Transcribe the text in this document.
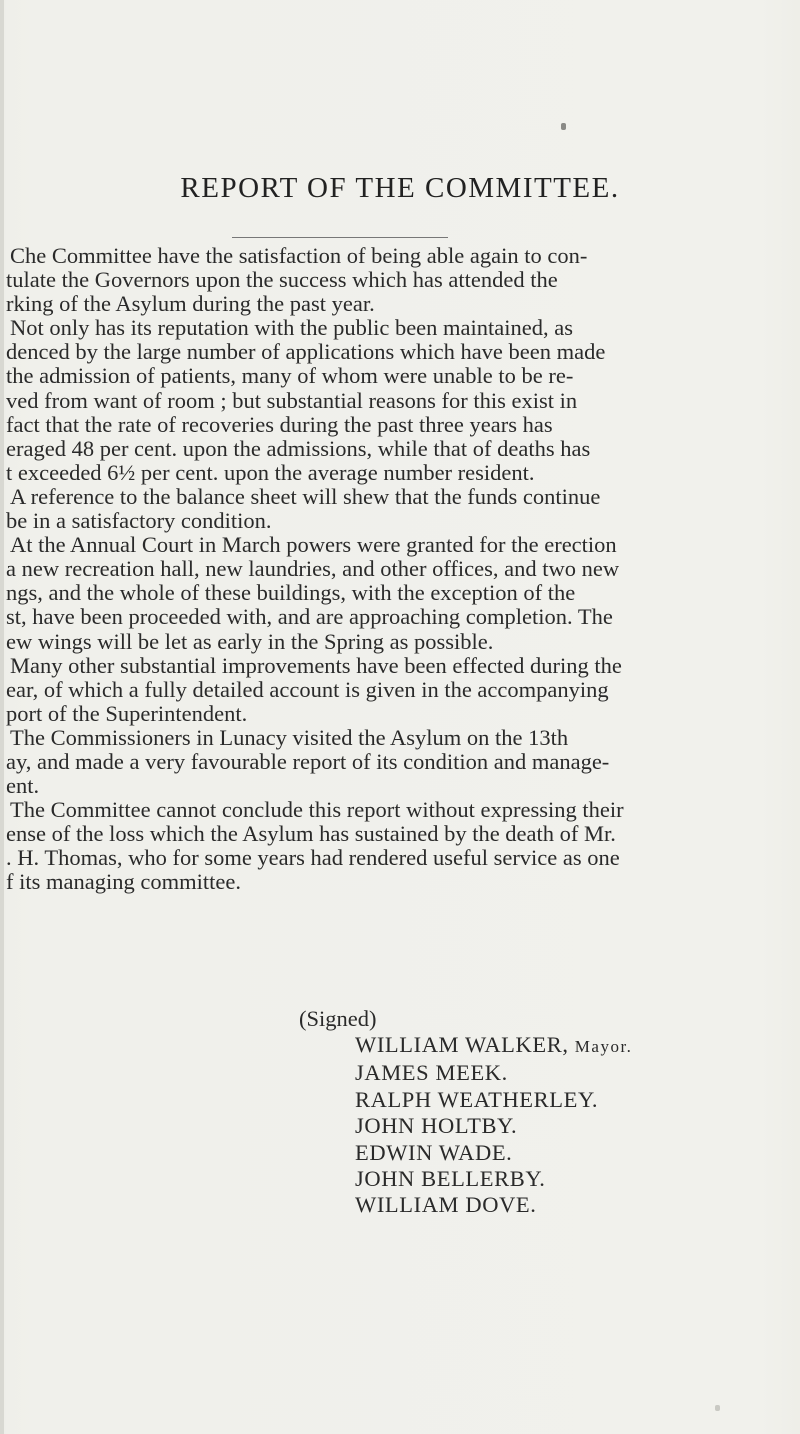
REPORT OF THE COMMITTEE.
Che Committee have the satisfaction of being able again to con-
tulate the Governors upon the success which has attended the
rking of the Asylum during the past year.
Not only has its reputation with the public been maintained, as
denced by the large number of applications which have been made
the admission of patients, many of whom were unable to be re-
ved from want of room ; but substantial reasons for this exist in
fact that the rate of recoveries during the past three years has
eraged 48 per cent. upon the admissions, while that of deaths has
t exceeded 6½ per cent. upon the average number resident.
A reference to the balance sheet will shew that the funds continue
be in a satisfactory condition.
At the Annual Court in March powers were granted for the erection
a new recreation hall, new laundries, and other offices, and two new
ngs, and the whole of these buildings, with the exception of the
st, have been proceeded with, and are approaching completion. The
ew wings will be let as early in the Spring as possible.
Many other substantial improvements have been effected during the
ear, of which a fully detailed account is given in the accompanying
port of the Superintendent.
The Commissioners in Lunacy visited the Asylum on the 13th
ay, and made a very favourable report of its condition and manage-
ent.
The Committee cannot conclude this report without expressing their
ense of the loss which the Asylum has sustained by the death of Mr.
. H. Thomas, who for some years had rendered useful service as one
f its managing committee.
(Signed)
WILLIAM WALKER, Mayor.
JAMES MEEK.
RALPH WEATHERLEY.
JOHN HOLTBY.
EDWIN WADE.
JOHN BELLERBY.
WILLIAM DOVE.
